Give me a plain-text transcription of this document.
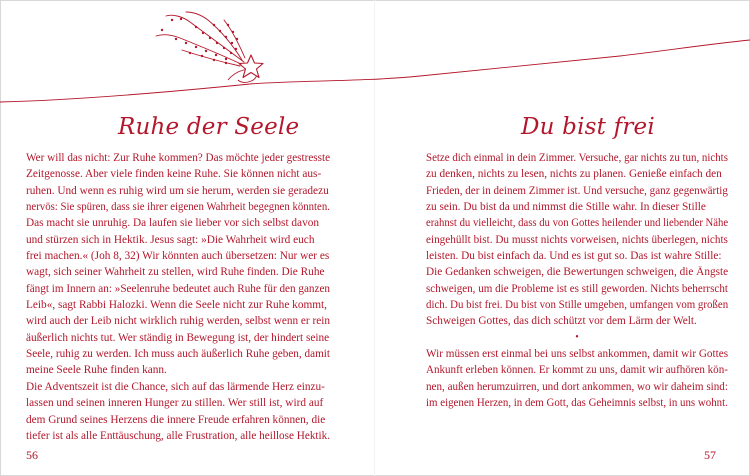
Ruhe der Seele	Du bist frei
Wer will das nicht: Zur Ruhe kommen? Das möchte jeder gestresste
Zeitgenosse. Aber viele finden keine Ruhe. Sie können nicht aus-
ruhen. Und wenn es ruhig wird um sie herum, werden sie geradezu
nervös: Sie spüren, dass sie ihrer eigenen Wahrheit begegnen könnten.
Das macht sie unruhig. Da laufen sie lieber vor sich selbst davon
und stürzen sich in Hektik. Jesus sagt: »Die Wahrheit wird euch
frei machen.« (Joh 8, 32) Wir könnten auch übersetzen: Nur wer es
wagt, sich seiner Wahrheit zu stellen, wird Ruhe finden. Die Ruhe
fängt im Innern an: »Seelenruhe bedeutet auch Ruhe für den ganzen
Leib«, sagt Rabbi Halozki. Wenn die Seele nicht zur Ruhe kommt,
wird auch der Leib nicht wirklich ruhig werden, selbst wenn er rein
äußerlich nichts tut. Wer ständig in Bewegung ist, der hindert seine
Seele, ruhig zu werden. Ich muss auch äußerlich Ruhe geben, damit
meine Seele Ruhe finden kann.
Die Adventszeit ist die Chance, sich auf das lärmende Herz einzu-
lassen und seinen inneren Hunger zu stillen. Wer still ist, wird auf
dem Grund seines Herzens die innere Freude erfahren können, die
tiefer ist als alle Enttäuschung, alle Frustration, alle heillose Hektik.
Setze dich einmal in dein Zimmer. Versuche, gar nichts zu tun, nichts
zu denken, nichts zu lesen, nichts zu planen. Genieße einfach den
Frieden, der in deinem Zimmer ist. Und versuche, ganz gegenwärtig
zu sein. Du bist da und nimmst die Stille wahr. In dieser Stille
erahnst du vielleicht, dass du von Gottes heilender und liebender Nähe
eingehüllt bist. Du musst nichts vorweisen, nichts überlegen, nichts
leisten. Du bist einfach da. Und es ist gut so. Das ist wahre Stille:
Die Gedanken schweigen, die Bewertungen schweigen, die Ängste
schweigen, um die Probleme ist es still geworden. Nichts beherrscht
dich. Du bist frei. Du bist von Stille umgeben, umfangen vom großen
Schweigen Gottes, das dich schützt vor dem Lärm der Welt.
•
Wir müssen erst einmal bei uns selbst ankommen, damit wir Gottes
Ankunft erleben können. Er kommt zu uns, damit wir aufhören kön-
nen, außen herumzuirren, und dort ankommen, wo wir daheim sind:
im eigenen Herzen, in dem Gott, das Geheimnis selbst, in uns wohnt.
56	57
